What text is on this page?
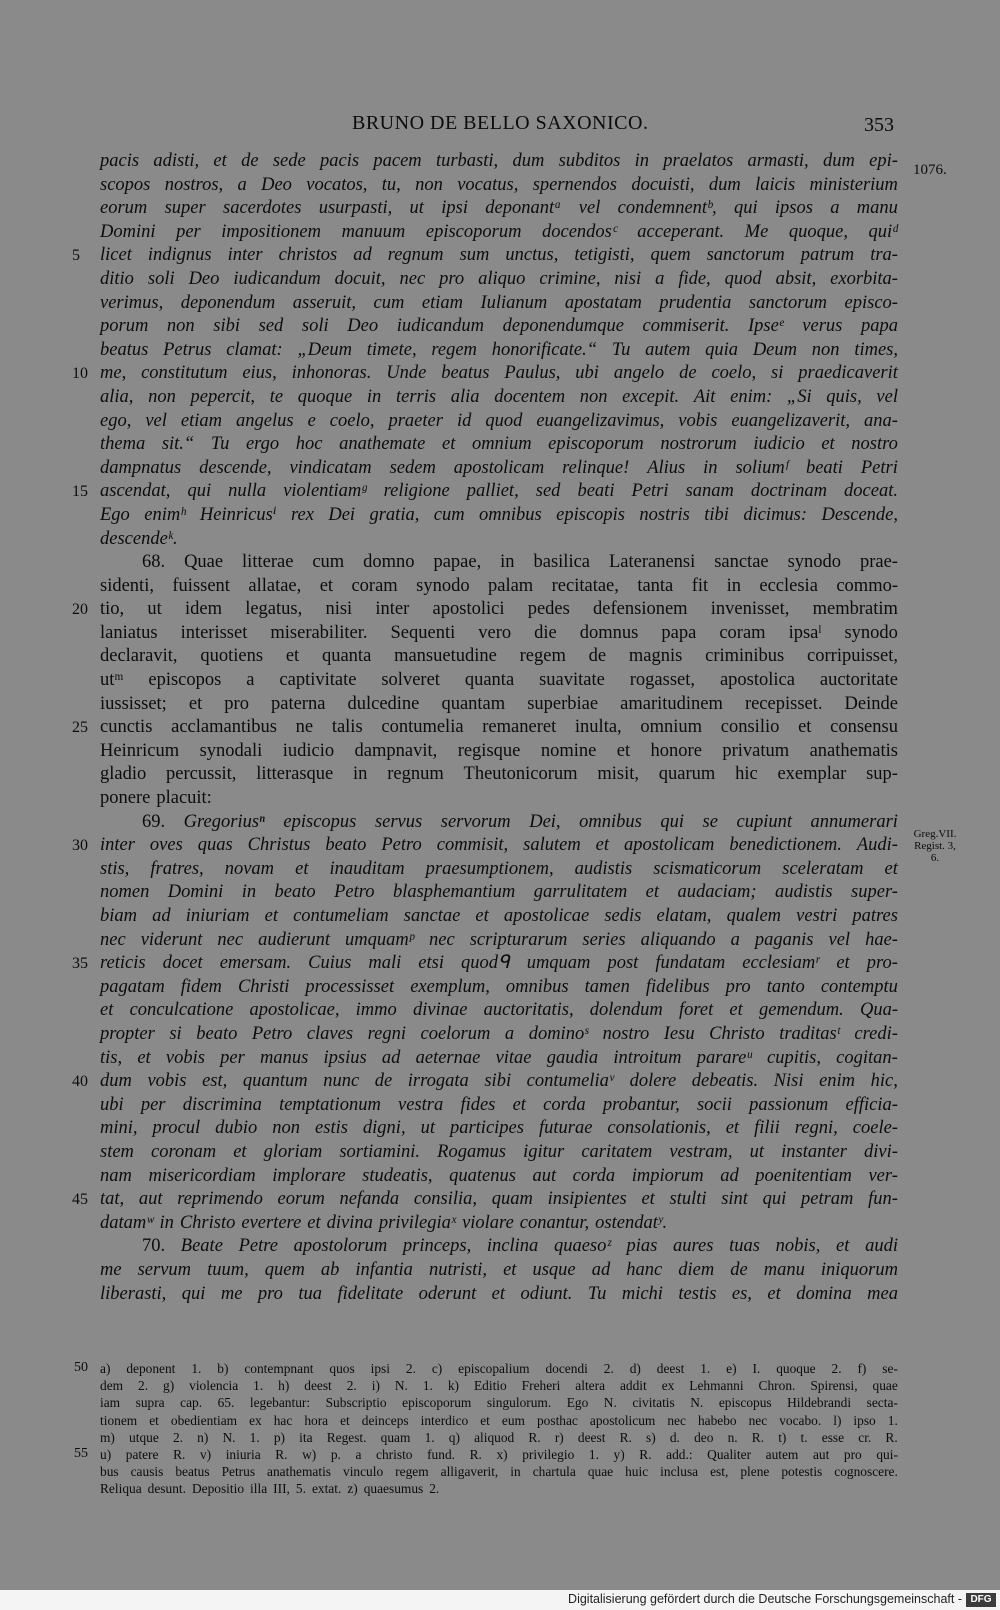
BRUNO DE BELLO SAXONICO.	353
1076.
Greg.VII. Regist. 3, 6.
pacis adisti, et de sede pacis pacem turbasti, dum subditos in praelatos armasti, dum epi-
scopos nostros, a Deo vocatos, tu, non vocatus, spernendos docuisti, dum laicis ministerium
eorum super sacerdotes usurpasti, ut ipsi deponantᵃ vel condemnentᵇ, qui ipsos a manu
Domini per impositionem manuum episcoporum docendosᶜ acceperant. Me quoque, quiᵈ
licet indignus inter christos ad regnum sum unctus, tetigisti, quem sanctorum patrum tra-
ditio soli Deo iudicandum docuit, nec pro aliquo crimine, nisi a fide, quod absit, exorbita-
verimus, deponendum asseruit, cum etiam Iulianum apostatam prudentia sanctorum episco-
porum non sibi sed soli Deo iudicandum deponendumque commiserit. Ipseᵉ verus papa
beatus Petrus clamat: „Deum timete, regem honorificate.“ Tu autem quia Deum non times,
me, constitutum eius, inhonoras. Unde beatus Paulus, ubi angelo de coelo, si praedicaverit
alia, non pepercit, te quoque in terris alia docentem non excepit. Ait enim: „Si quis, vel
ego, vel etiam angelus e coelo, praeter id quod euangelizavimus, vobis euangelizaverit, ana-
thema sit.“ Tu ergo hoc anathemate et omnium episcoporum nostrorum iudicio et nostro
dampnatus descende, vindicatam sedem apostolicam relinque! Alius in soliumᶠ beati Petri
ascendat, qui nulla violentiamᵍ religione palliet, sed beati Petri sanam doctrinam doceat.
Ego enimʰ Heinricusⁱ rex Dei gratia, cum omnibus episcopis nostris tibi dicimus: Descende,
descendeᵏ.
68. Quae litterae cum domno papae, in basilica Lateranensi sanctae synodo prae-
sidenti, fuissent allatae, et coram synodo palam recitatae, tanta fit in ecclesia commo-
tio, ut idem legatus, nisi inter apostolici pedes defensionem invenisset, membratim
laniatus interisset miserabiliter. Sequenti vero die domnus papa coram ipsaˡ synodo
declaravit, quotiens et quanta mansuetudine regem de magnis criminibus corripuisset,
utᵐ episcopos a captivitate solveret quanta suavitate rogasset, apostolica auctoritate
iussisset; et pro paterna dulcedine quantam superbiae amaritudinem recepisset. Deinde
cunctis acclamantibus ne talis contumelia remaneret inulta, omnium consilio et consensu
Heinricum synodali iudicio dampnavit, regisque nomine et honore privatum anathematis
gladio percussit, litterasque in regnum Theutonicorum misit, quarum hic exemplar sup-
ponere placuit:
69. Gregoriusⁿ episcopus servus servorum Dei, omnibus qui se cupiunt annumerari
inter oves quas Christus beato Petro commisit, salutem et apostolicam benedictionem. Audi-
stis, fratres, novam et inauditam praesumptionem, audistis scismaticorum sceleratam et
nomen Domini in beato Petro blasphemantium garrulitatem et audaciam; audistis super-
biam ad iniuriam et contumeliam sanctae et apostolicae sedis elatam, qualem vestri patres
nec viderunt nec audierunt umquamᵖ nec scripturarum series aliquando a paganis vel hae-
reticis docet emersam. Cuius mali etsi quodᑫ umquam post fundatam ecclesiamʳ et pro-
pagatam fidem Christi processisset exemplum, omnibus tamen fidelibus pro tanto contemptu
et conculcatione apostolicae, immo divinae auctoritatis, dolendum foret et gemendum. Qua-
propter si beato Petro claves regni coelorum a dominoˢ nostro Iesu Christo traditasᵗ credi-
tis, et vobis per manus ipsius ad aeternae vitae gaudia introitum parareᵘ cupitis, cogitan-
dum vobis est, quantum nunc de irrogata sibi contumeliaᵛ dolere debeatis. Nisi enim hic,
ubi per discrimina temptationum vestra fides et corda probantur, socii passionum efficia-
mini, procul dubio non estis digni, ut participes futurae consolationis, et filii regni, coele-
stem coronam et gloriam sortiamini. Rogamus igitur caritatem vestram, ut instanter divi-
nam misericordiam implorare studeatis, quatenus aut corda impiorum ad poenitentiam ver-
tat, aut reprimendo eorum nefanda consilia, quam insipientes et stulti sint qui petram fun-
datamʷ in Christo evertere et divina privilegiaˣ violare conantur, ostendatʸ.
70. Beate Petre apostolorum princeps, inclina quaesoᶻ pias aures tuas nobis, et audi
me servum tuum, quem ab infantia nutristi, et usque ad hanc diem de manu iniquorum
liberasti, qui me pro tua fidelitate oderunt et odiunt. Tu michi testis es, et domina mea
5
10
15
20
25
30
35
40
45
a) deponent 1. b) contempnant quos ipsi 2. c) episcopalium docendi 2. d) deest 1. e) I. quoque 2. f) se-
dem 2. g) violencia 1. h) deest 2. i) N. 1. k) Editio Freheri altera addit ex Lehmanni Chron. Spirensi, quae
iam supra cap. 65. legebantur: Subscriptio episcoporum singulorum. Ego N. civitatis N. episcopus Hildebrandi secta-
tionem et obedientiam ex hac hora et deinceps interdico et eum posthac apostolicum nec habebo nec vocabo. l) ipso 1.
m) utque 2. n) N. 1. p) ita Regest. quam 1. q) aliquod R. r) deest R. s) d. deo n. R. t) t. esse cr. R.
u) patere R. v) iniuria R. w) p. a christo fund. R. x) privilegio 1. y) R. add.: Qualiter autem aut pro qui-
bus causis beatus Petrus anathematis vinculo regem alligaverit, in chartula quae huic inclusa est, plene potestis cognoscere.
Reliqua desunt. Depositio illa III, 5. extat. z) quaesumus 2.
50
55
Digitalisierung gefördert durch die Deutsche Forschungsgemeinschaft - DFG
